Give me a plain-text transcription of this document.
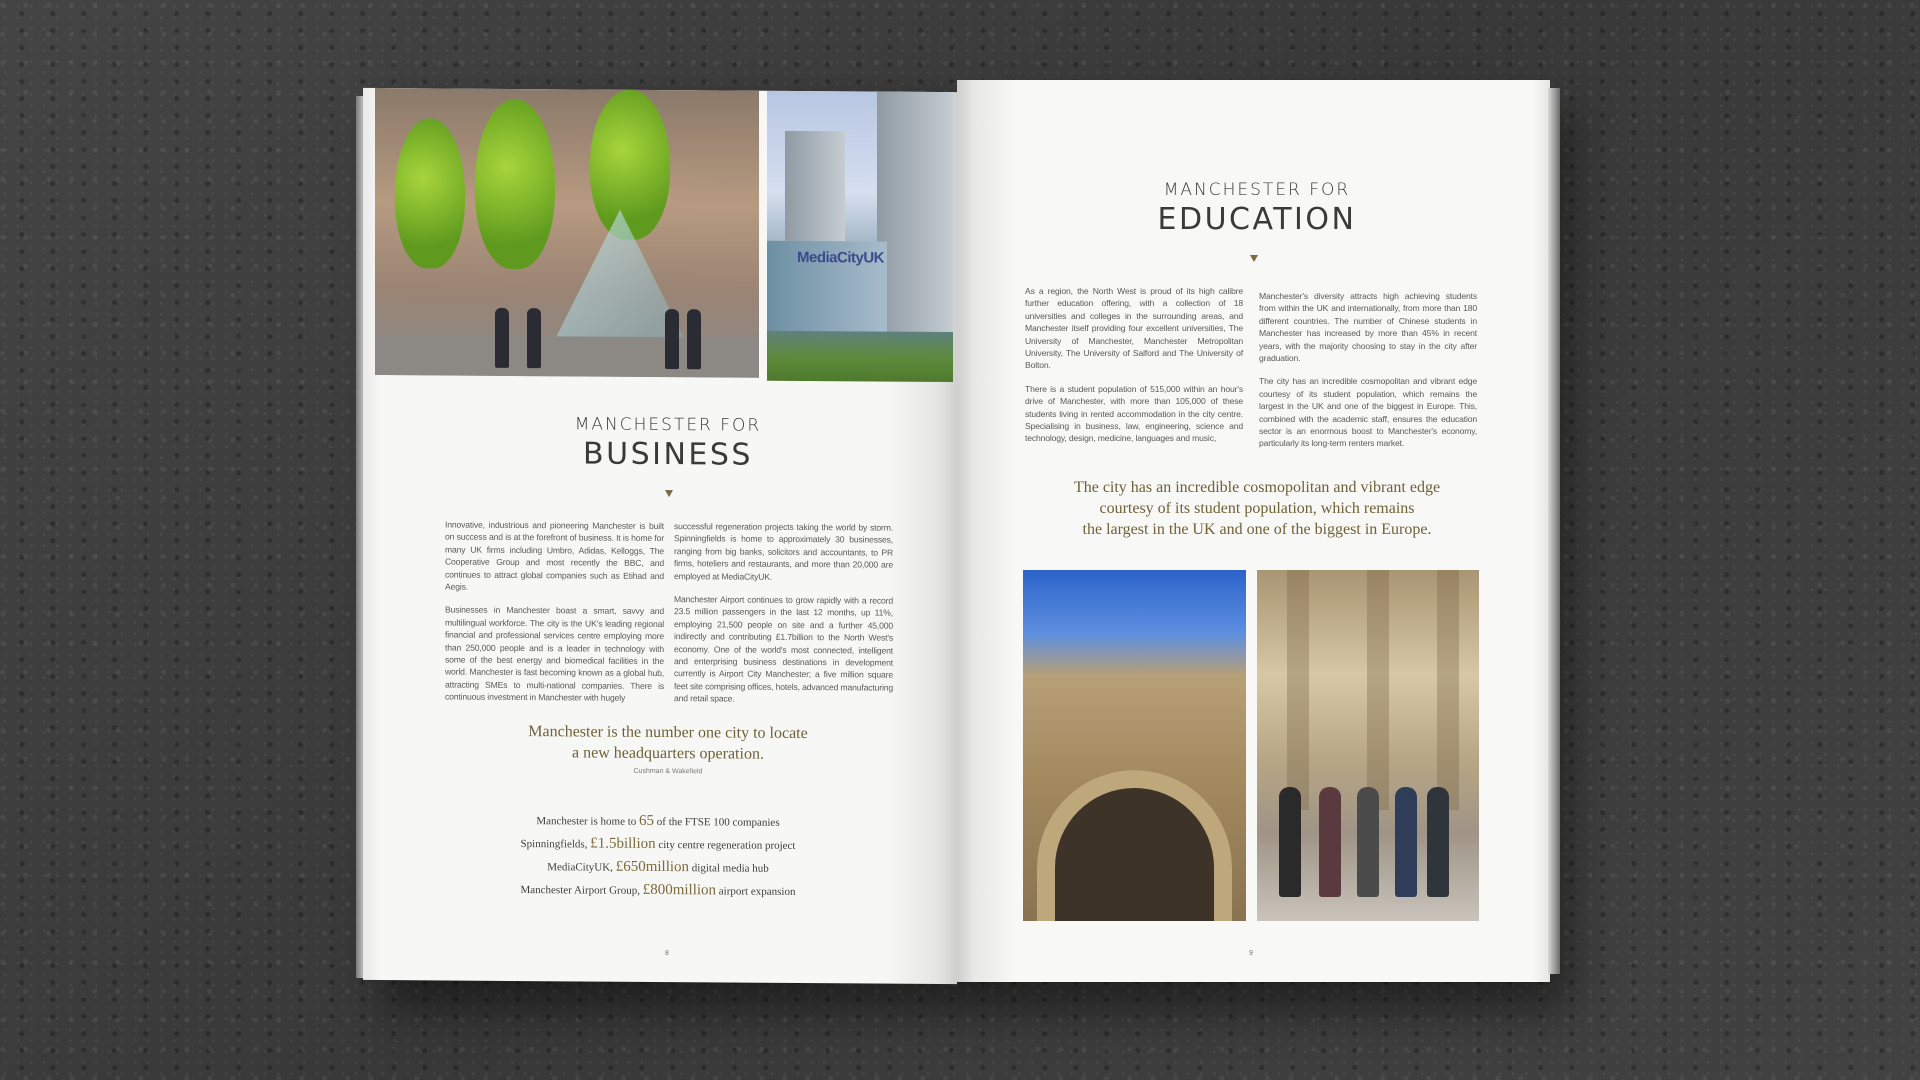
MediaCityUK
MANCHESTER FOR
BUSINESS

Innovative, industrious and pioneering Manchester is built on success and is at the forefront of business. It is home for many UK firms including Umbro, Adidas, Kelloggs, The Cooperative Group and most recently the BBC, and continues to attract global companies such as Etihad and Aegis.

Businesses in Manchester boast a smart, savvy and multilingual workforce. The city is the UK's leading regional financial and professional services centre employing more than 250,000 people and is a leader in technology with some of the best energy and biomedical facilities in the world. Manchester is fast becoming known as a global hub, attracting SMEs to multi-national companies. There is continuous investment in Manchester with hugely

successful regeneration projects taking the world by storm. Spinningfields is home to approximately 30 businesses, ranging from big banks, solicitors and accountants, to PR firms, hoteliers and restaurants, and more than 20,000 are employed at MediaCityUK.

Manchester Airport continues to grow rapidly with a record 23.5 million passengers in the last 12 months, up 11%, employing 21,500 people on site and a further 45,000 indirectly and contributing £1.7billion to the North West's economy. One of the world's most connected, intelligent and enterprising business destinations in development currently is Airport City Manchester; a five million square feet site comprising offices, hotels, advanced manufacturing and retail space.

Manchester is the number one city to locate
a new headquarters operation.
Cushman & Wakefield
Manchester is home to 65 of the FTSE 100 companies
Spinningfields, £1.5billion city centre regeneration project
MediaCityUK, £650million digital media hub
Manchester Airport Group, £800million airport expansion
8
MANCHESTER FOR
EDUCATION

As a region, the North West is proud of its high calibre further education offering, with a collection of 18 universities and colleges in the surrounding areas, and Manchester itself providing four excellent universities, The University of Manchester, Manchester Metropolitan University, The University of Salford and The University of Bolton.

There is a student population of 515,000 within an hour's drive of Manchester, with more than 105,000 of these students living in rented accommodation in the city centre. Specialising in business, law, engineering, science and technology, design, medicine, languages and music,

Manchester's diversity attracts high achieving students from within the UK and internationally, from more than 180 different countries. The number of Chinese students in Manchester has increased by more than 45% in recent years, with the majority choosing to stay in the city after graduation.

The city has an incredible cosmopolitan and vibrant edge courtesy of its student population, which remains the largest in the UK and one of the biggest in Europe. This, combined with the academic staff, ensures the education sector is an enormous boost to Manchester's economy, particularly its long-term renters market.

The city has an incredible cosmopolitan and vibrant edge
courtesy of its student population, which remains
the largest in the UK and one of the biggest in Europe.
9
